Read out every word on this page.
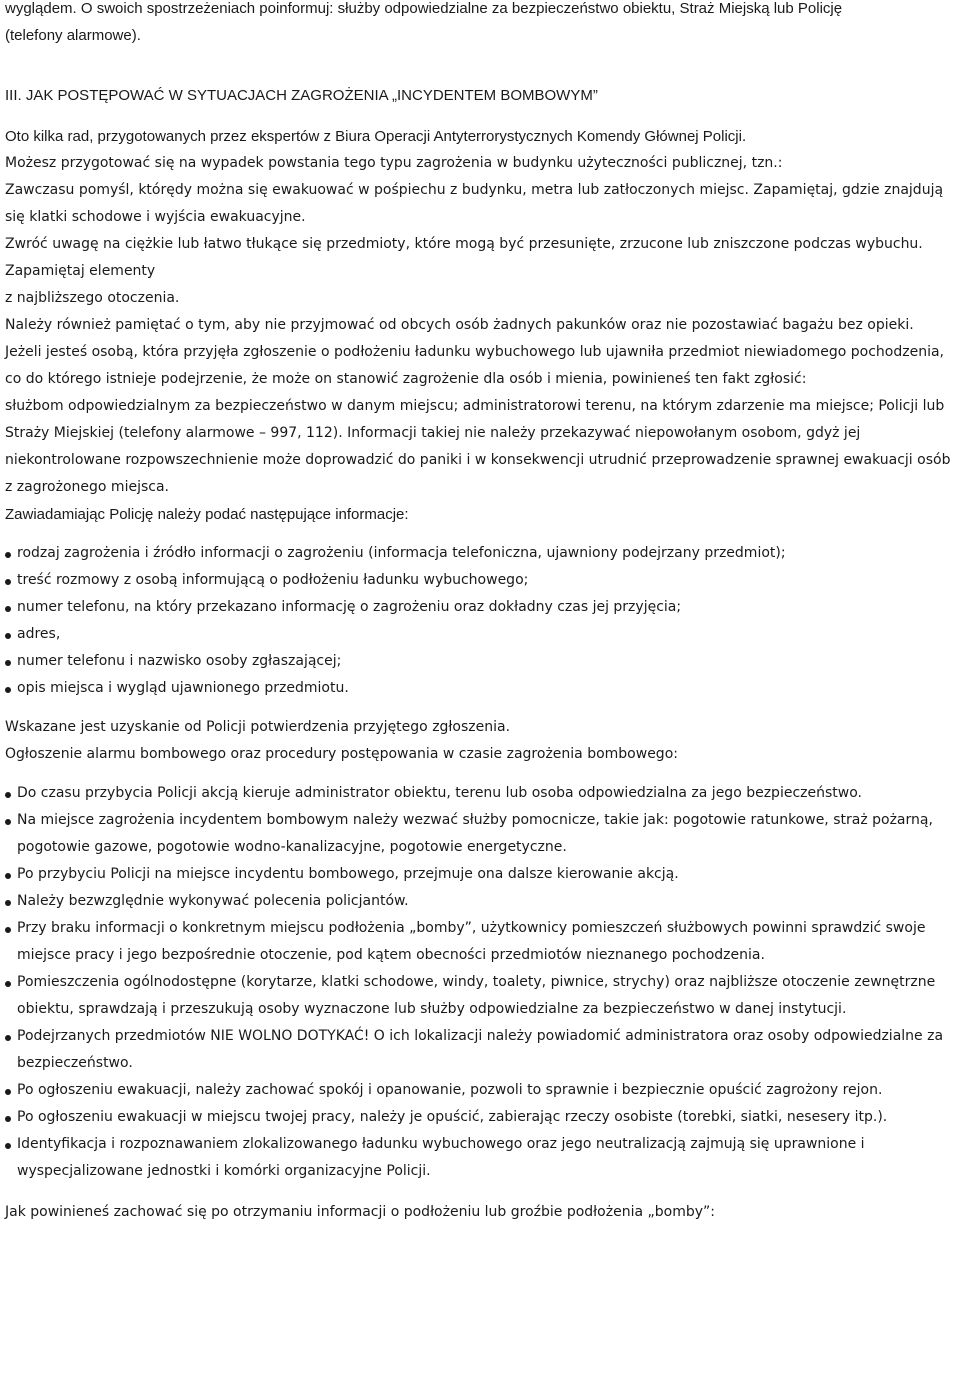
wyglądem. O swoich spostrzeżeniach poinformuj: służby odpowiedzialne za bezpieczeństwo obiektu, Straż Miejską lub Policję
(telefony alarmowe).

III. JAK POSTĘPOWAĆ W SYTUACJACH ZAGROŻENIA „INCYDENTEM BOMBOWYM”

Oto kilka rad, przygotowanych przez ekspertów z Biura Operacji Antyterrorystycznych Komendy Głównej Policji.

Możesz przygotować się na wypadek powstania tego typu zagrożenia w budynku użyteczności publicznej, tzn.:

Zawczasu pomyśl, którędy można się ewakuować w pośpiechu z budynku, metra lub zatłoczonych miejsc. Zapamiętaj, gdzie znajdują się klatki schodowe i wyjścia ewakuacyjne.

Zwróć uwagę na ciężkie lub łatwo tłukące się przedmioty, które mogą być przesunięte, zrzucone lub zniszczone podczas wybuchu. Zapamiętaj elementy
z najbliższego otoczenia.

Należy również pamiętać o tym, aby nie przyjmować od obcych osób żadnych pakunków oraz nie pozostawiać bagażu bez opieki.

Jeżeli jesteś osobą, która przyjęła zgłoszenie o podłożeniu ładunku wybuchowego lub ujawniła przedmiot niewiadomego pochodzenia, co do którego istnieje podejrzenie, że może on stanowić zagrożenie dla osób i mienia, powinieneś ten fakt zgłosić:

służbom odpowiedzialnym za bezpieczeństwo w danym miejscu; administratorowi terenu, na którym zdarzenie ma miejsce; Policji lub Straży Miejskiej (telefony alarmowe – 997, 112). Informacji takiej nie należy przekazywać niepowołanym osobom, gdyż jej niekontrolowane rozpowszechnienie może doprowadzić do paniki i w konsekwencji utrudnić przeprowadzenie sprawnej ewakuacji osób z zagrożonego miejsca.

Zawiadamiając Policję należy podać następujące informacje:

rodzaj zagrożenia i źródło informacji o zagrożeniu (informacja telefoniczna, ujawniony podejrzany przedmiot);
treść rozmowy z osobą informującą o podłożeniu ładunku wybuchowego;
numer telefonu, na który przekazano informację o zagrożeniu oraz dokładny czas jej przyjęcia;
adres,
numer telefonu i nazwisko osoby zgłaszającej;
opis miejsca i wygląd ujawnionego przedmiotu.

Wskazane jest uzyskanie od Policji potwierdzenia przyjętego zgłoszenia.

Ogłoszenie alarmu bombowego oraz procedury postępowania w czasie zagrożenia bombowego:

Do czasu przybycia Policji akcją kieruje administrator obiektu, terenu lub osoba odpowiedzialna za jego bezpieczeństwo.
Na miejsce zagrożenia incydentem bombowym należy wezwać służby pomocnicze, takie jak: pogotowie ratunkowe, straż pożarną, pogotowie gazowe, pogotowie wodno-kanalizacyjne, pogotowie energetyczne.
Po przybyciu Policji na miejsce incydentu bombowego, przejmuje ona dalsze kierowanie akcją.
Należy bezwzględnie wykonywać polecenia policjantów.
Przy braku informacji o konkretnym miejscu podłożenia „bomby”, użytkownicy pomieszczeń służbowych powinni sprawdzić swoje miejsce pracy i jego bezpośrednie otoczenie, pod kątem obecności przedmiotów nieznanego pochodzenia.
Pomieszczenia ogólnodostępne (korytarze, klatki schodowe, windy, toalety, piwnice, strychy) oraz najbliższe otoczenie zewnętrzne obiektu, sprawdzają i przeszukują osoby wyznaczone lub służby odpowiedzialne za bezpieczeństwo w danej instytucji.
Podejrzanych przedmiotów NIE WOLNO DOTYKAĆ! O ich lokalizacji należy powiadomić administratora oraz osoby odpowiedzialne za bezpieczeństwo.
Po ogłoszeniu ewakuacji, należy zachować spokój i opanowanie, pozwoli to sprawnie i bezpiecznie opuścić zagrożony rejon.
Po ogłoszeniu ewakuacji w miejscu twojej pracy, należy je opuścić, zabierając rzeczy osobiste (torebki, siatki, nesesery itp.).
Identyfikacja i rozpoznawaniem zlokalizowanego ładunku wybuchowego oraz jego neutralizacją zajmują się uprawnione i wyspecjalizowane jednostki i komórki organizacyjne Policji.

Jak powinieneś zachować się po otrzymaniu informacji o podłożeniu lub groźbie podłożenia „bomby”:
